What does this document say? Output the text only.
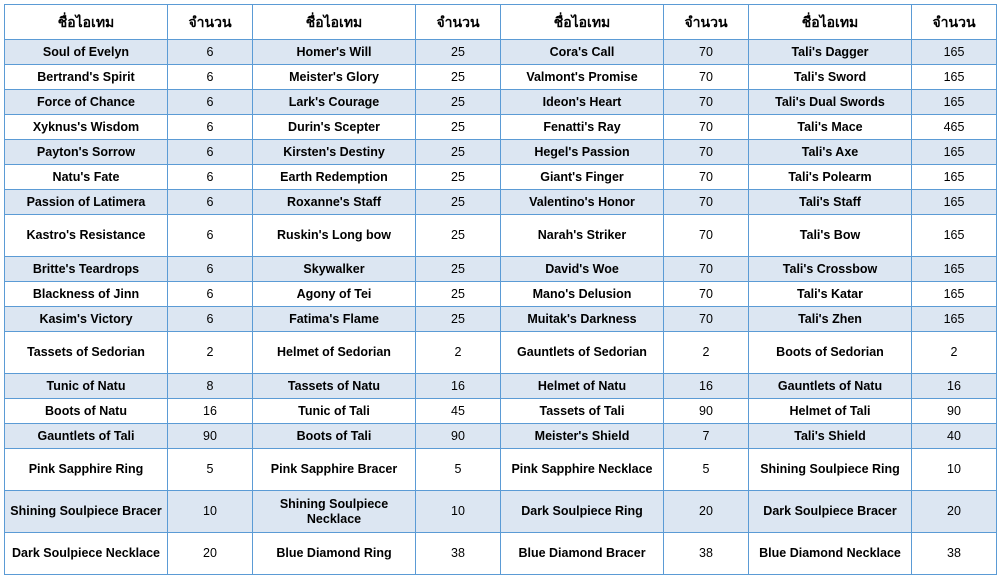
ชื่อไอเทม	จำนวน	ชื่อไอเทม	จำนวน	ชื่อไอเทม	จำนวน	ชื่อไอเทม	จำนวน
Soul of Evelyn	6	Homer's Will	25	Cora's Call	70	Tali's Dagger	165
Bertrand's Spirit	6	Meister's Glory	25	Valmont's Promise	70	Tali's Sword	165
Force of Chance	6	Lark's Courage	25	Ideon's Heart	70	Tali's Dual Swords	165
Xyknus's Wisdom	6	Durin's Scepter	25	Fenatti's Ray	70	Tali's Mace	465
Payton's Sorrow	6	Kirsten's Destiny	25	Hegel's Passion	70	Tali's Axe	165
Natu's Fate	6	Earth Redemption	25	Giant's Finger	70	Tali's Polearm	165
Passion of Latimera	6	Roxanne's Staff	25	Valentino's Honor	70	Tali's Staff	165
Kastro's Resistance	6	Ruskin's Long bow	25	Narah's Striker	70	Tali's Bow	165
Britte's Teardrops	6	Skywalker	25	David's Woe	70	Tali's Crossbow	165
Blackness of Jinn	6	Agony of Tei	25	Mano's Delusion	70	Tali's Katar	165
Kasim's Victory	6	Fatima's Flame	25	Muitak's Darkness	70	Tali's Zhen	165
Tassets of Sedorian	2	Helmet of Sedorian	2	Gauntlets of Sedorian	2	Boots of Sedorian	2
Tunic of Natu	8	Tassets of Natu	16	Helmet of Natu	16	Gauntlets of Natu	16
Boots of Natu	16	Tunic of Tali	45	Tassets of Tali	90	Helmet of Tali	90
Gauntlets of Tali	90	Boots of Tali	90	Meister's Shield	7	Tali's Shield	40
Pink Sapphire Ring	5	Pink Sapphire Bracer	5	Pink Sapphire Necklace	5	Shining Soulpiece Ring	10
Shining Soulpiece Bracer	10	Shining Soulpiece Necklace	10	Dark Soulpiece Ring	20	Dark Soulpiece Bracer	20
Dark Soulpiece Necklace	20	Blue Diamond Ring	38	Blue Diamond Bracer	38	Blue Diamond Necklace	38
